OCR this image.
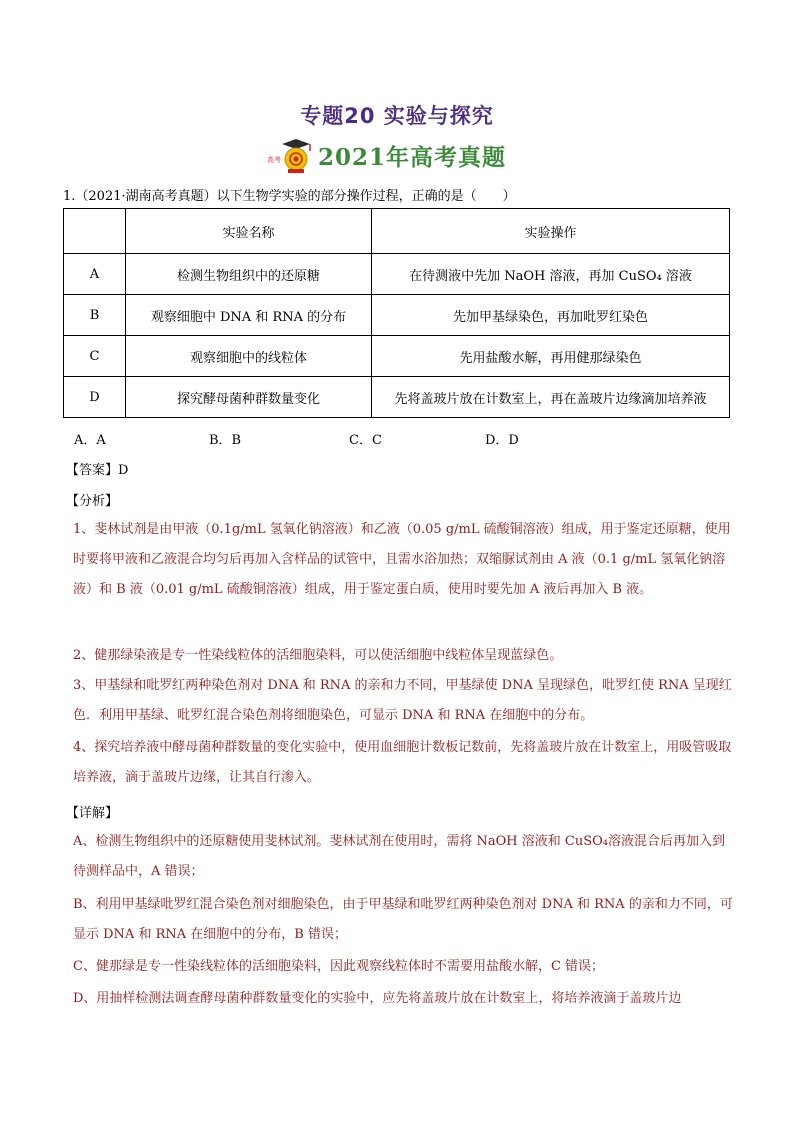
专题20 实验与探究
高 考 2021年高考真题
1.（2021·湖南高考真题）以下生物学实验的部分操作过程，正确的是（　　）
	实验名称	实验操作
A	检测生物组织中的还原糖	在待测液中先加 NaOH 溶液，再加 CuSO₄ 溶液
B	观察细胞中 DNA 和 RNA 的分布	先加甲基绿染色，再加吡罗红染色
C	观察细胞中的线粒体	先用盐酸水解，再用健那绿染色
D	探究酵母菌种群数量变化	先将盖玻片放在计数室上，再在盖玻片边缘滴加培养液
A．A	B．B	C．C	D．D
【答案】D
【分析】
1、斐林试剂是由甲液（0.1g/mL 氢氧化钠溶液）和乙液（0.05 g/mL 硫酸铜溶液）组成，用于鉴定还原糖，使用时要将甲液和乙液混合均匀后再加入含样品的试管中，且需水浴加热；双缩脲试剂由 A 液（0.1 g/mL 氢氧化钠溶液）和 B 液（0.01 g/mL 硫酸铜溶液）组成，用于鉴定蛋白质，使用时要先加 A 液后再加入 B 液。
2、健那绿染液是专一性染线粒体的活细胞染料，可以使活细胞中线粒体呈现蓝绿色。
3、甲基绿和吡罗红两种染色剂对 DNA 和 RNA 的亲和力不同，甲基绿使 DNA 呈现绿色，吡罗红使 RNA 呈现红色．利用甲基绿、吡罗红混合染色剂将细胞染色，可显示 DNA 和 RNA 在细胞中的分布。
4、探究培养液中酵母菌种群数量的变化实验中，使用血细胞计数板记数前，先将盖玻片放在计数室上，用吸管吸取培养液，滴于盖玻片边缘，让其自行渗入。
【详解】
A、检测生物组织中的还原糖使用斐林试剂。斐林试剂在使用时，需将 NaOH 溶液和 CuSO₄溶液混合后再加入到待测样品中，A 错误；
B、利用甲基绿吡罗红混合染色剂对细胞染色，由于甲基绿和吡罗红两种染色剂对 DNA 和 RNA 的亲和力不同，可显示 DNA 和 RNA 在细胞中的分布，B 错误；
C、健那绿是专一性染线粒体的活细胞染料，因此观察线粒体时不需要用盐酸水解，C 错误；
D、用抽样检测法调查酵母菌种群数量变化的实验中，应先将盖玻片放在计数室上，将培养液滴于盖玻片边
